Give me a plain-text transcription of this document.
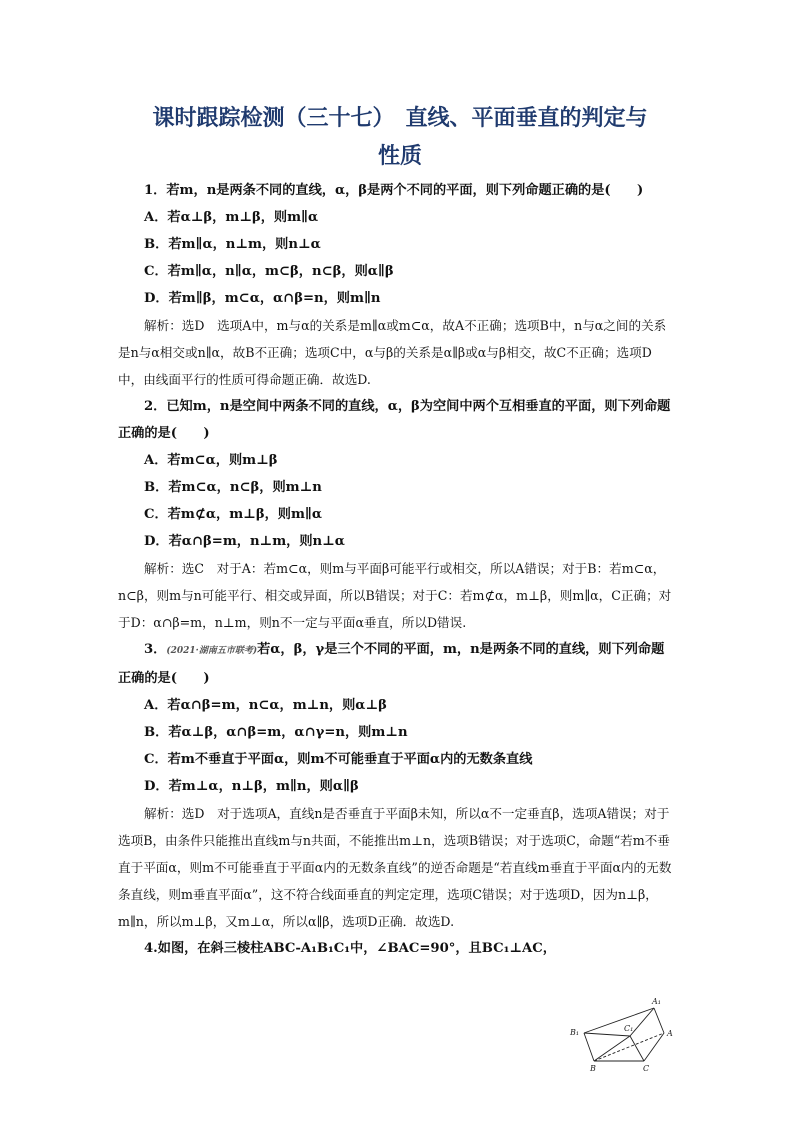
课时跟踪检测（三十七）　直线、平面垂直的判定与
性质

1．若m，n是两条不同的直线，α，β是两个不同的平面，则下列命题正确的是(　　)

A．若α⊥β，m⊥β，则m∥α

B．若m∥α，n⊥m，则n⊥α

C．若m∥α，n∥α，m⊂β，n⊂β，则α∥β

D．若m∥β，m⊂α，α∩β=n，则m∥n

解析：选D　选项A中，m与α的关系是m∥α或m⊂α，故A不正确；选项B中，n与α之间的关系是n与α相交或n∥α，故B不正确；选项C中，α与β的关系是α∥β或α与β相交，故C不正确；选项D中，由线面平行的性质可得命题正确．故选D.

2．已知m，n是空间中两条不同的直线，α，β为空间中两个互相垂直的平面，则下列命题正确的是(　　)

A．若m⊂α，则m⊥β

B．若m⊂α，n⊂β，则m⊥n

C．若m⊄α，m⊥β，则m∥α

D．若α∩β=m，n⊥m，则n⊥α

解析：选C　对于A：若m⊂α，则m与平面β可能平行或相交，所以A错误；对于B：若m⊂α，n⊂β，则m与n可能平行、相交或异面，所以B错误；对于C：若m⊄α，m⊥β，则m∥α，C正确；对于D：α∩β=m，n⊥m，则n不一定与平面α垂直，所以D错误.

3．(2021·湖南五市联考)若α，β，γ是三个不同的平面，m，n是两条不同的直线，则下列命题正确的是(　　)

A．若α∩β=m，n⊂α，m⊥n，则α⊥β

B．若α⊥β，α∩β=m，α∩γ=n，则m⊥n

C．若m不垂直于平面α，则m不可能垂直于平面α内的无数条直线

D．若m⊥α，n⊥β，m∥n，则α∥β

解析：选D　对于选项A，直线n是否垂直于平面β未知，所以α不一定垂直β，选项A错误；对于选项B，由条件只能推出直线m与n共面，不能推出m⊥n，选项B错误；对于选项C，命题“若m不垂直于平面α，则m不可能垂直于平面α内的无数条直线”的逆否命题是“若直线m垂直于平面α内的无数条直线，则m垂直平面α”，这不符合线面垂直的判定定理，选项C错误；对于选项D，因为n⊥β，m∥n，所以m⊥β，又m⊥α，所以α∥β，选项D正确．故选D.

4.如图，在斜三棱柱ABC-A₁B₁C₁中，∠BAC=90°，且BC₁⊥AC，

A₁
B₁	C₁
A
B	C
